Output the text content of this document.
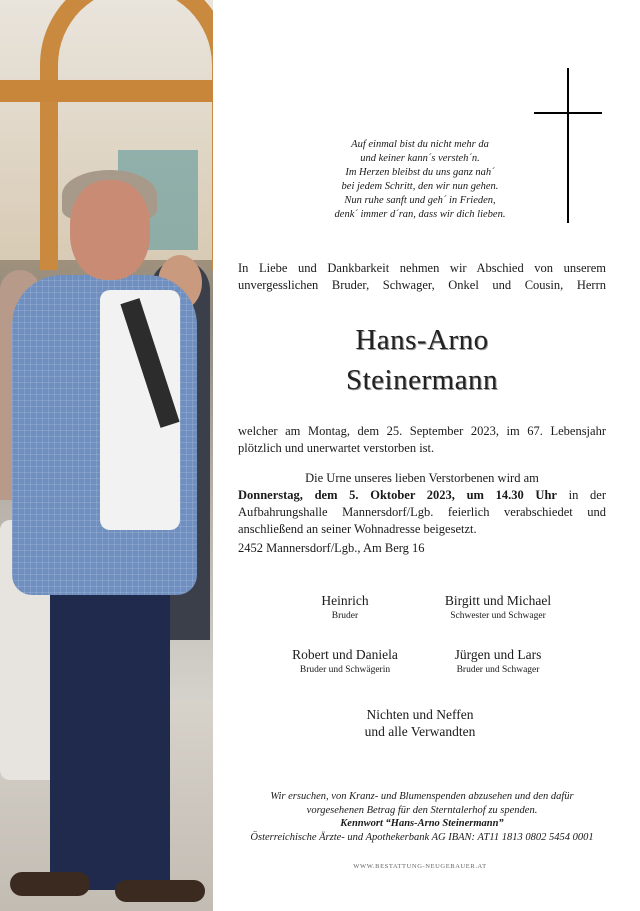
Auf einmal bist du nicht mehr da
und keiner kann´s versteh´n.
Im Herzen bleibst du uns ganz nah´
bei jedem Schritt, den wir nun gehen.
Nun ruhe sanft und geh´ in Frieden,
denk´ immer d´ran, dass wir dich lieben.
In Liebe und Dankbarkeit nehmen wir Abschied von unserem
unvergesslichen Bruder, Schwager, Onkel und Cousin, Herrn
Hans-Arno
Steinermann
welcher am Montag, dem 25. September 2023, im 67. Lebensjahr
plötzlich und unerwartet verstorben ist.
Die Urne unseres lieben Verstorbenen wird am
Donnerstag, dem 5. Oktober 2023, um 14.30 Uhr in der
Aufbahrungshalle Mannersdorf/Lgb. feierlich verabschiedet und
anschließend an seiner Wohnadresse beigesetzt.
2452 Mannersdorf/Lgb., Am Berg 16
Heinrich
Bruder
Birgitt und Michael
Schwester und Schwager
Robert und Daniela
Bruder und Schwägerin
Jürgen und Lars
Bruder und Schwager
Nichten und Neffen
und alle Verwandten
Wir ersuchen, von Kranz- und Blumenspenden abzusehen und den dafür
vorgesehenen Betrag für den Sterntalerhof zu spenden.
Kennwort “Hans-Arno Steinermann”
Österreichische Ärzte- und Apothekerbank AG IBAN: AT11 1813 0802 5454 0001
WWW.BESTATTUNG-NEUGEBAUER.AT
